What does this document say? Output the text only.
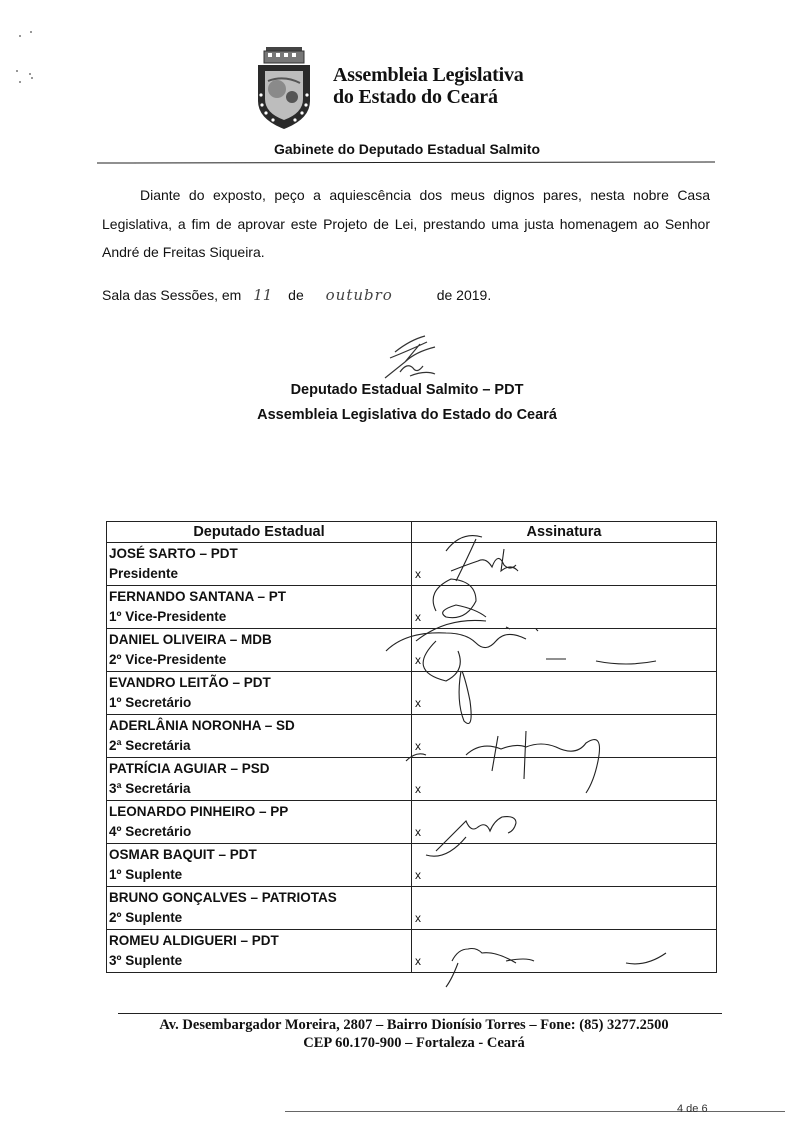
Assembleia Legislativa
do Estado do Ceará
Gabinete do Deputado Estadual Salmito
Diante do exposto, peço a aquiescência dos meus dignos pares, nesta nobre Casa Legislativa, a fim de aprovar este Projeto de Lei, prestando uma justa homenagem ao Senhor André de Freitas Siqueira.
Sala das Sessões, em 11 de outubro	de 2019.
Deputado Estadual Salmito – PDT
Assembleia Legislativa do Estado do Ceará
Deputado Estadual	Assinatura
JOSÉ SARTO – PDT
Presidente	x

FERNANDO SANTANA – PT
1º Vice-Presidente	x

DANIEL OLIVEIRA – MDB
2º Vice-Presidente	x

EVANDRO LEITÃO – PDT
1º Secretário	x

ADERLÂNIA NORONHA – SD
2ª Secretária	x

PATRÍCIA AGUIAR – PSD
3ª Secretária	x

LEONARDO PINHEIRO – PP
4º Secretário	x

OSMAR BAQUIT – PDT
1º Suplente	x

BRUNO GONÇALVES – PATRIOTAS
2º Suplente	x

ROMEU ALDIGUERI – PDT
3º Suplente	x
Av. Desembargador Moreira, 2807 – Bairro Dionísio Torres – Fone: (85) 3277.2500
CEP 60.170-900 – Fortaleza - Ceará
4 de 6
